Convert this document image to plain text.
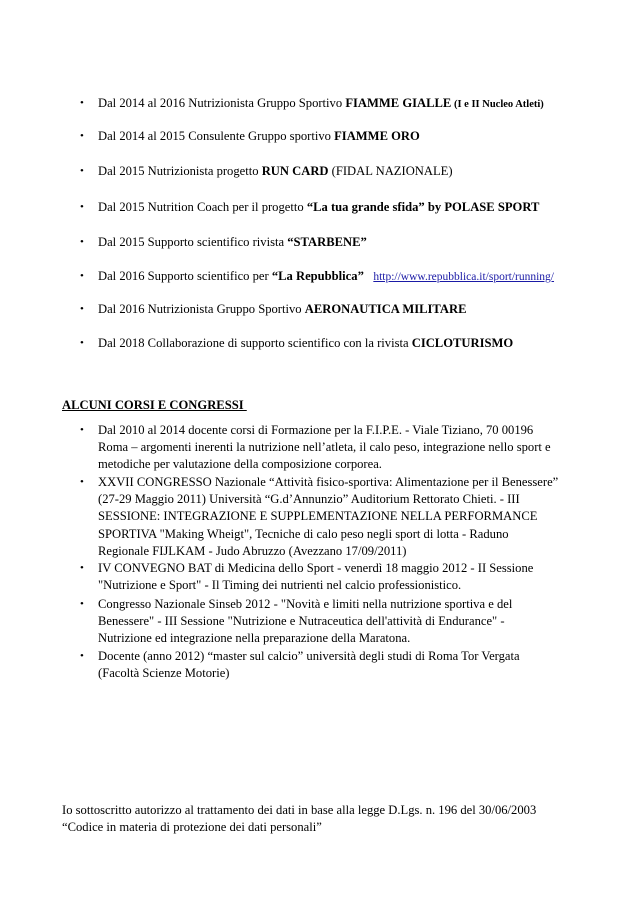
•	Dal 2014 al 2016 Nutrizionista Gruppo Sportivo FIAMME GIALLE (I e II Nucleo Atleti)
•	Dal 2014 al 2015 Consulente Gruppo sportivo FIAMME ORO
•	Dal 2015 Nutrizionista progetto RUN CARD (FIDAL NAZIONALE)
•	Dal 2015 Nutrition Coach per il progetto “La tua grande sfida” by POLASE SPORT
•	Dal 2015 Supporto scientifico rivista “STARBENE”
•	Dal 2016 Supporto scientifico per “La Repubblica” http://www.repubblica.it/sport/running/
•	Dal 2016 Nutrizionista Gruppo Sportivo AERONAUTICA MILITARE
•	Dal 2018 Collaborazione di supporto scientifico con la rivista CICLOTURISMO
ALCUNI CORSI E CONGRESSI
•	Dal 2010 al 2014 docente corsi di Formazione per la F.I.P.E. - Viale Tiziano, 70 00196 Roma – argomenti inerenti la nutrizione nell’atleta, il calo peso, integrazione nello sport e metodiche per valutazione della composizione corporea.
•	XXVII CONGRESSO Nazionale “Attività fisico-sportiva: Alimentazione per il Benessere” (27-29 Maggio 2011) Università “G.d’Annunzio” Auditorium Rettorato Chieti. - III SESSIONE: INTEGRAZIONE E SUPPLEMENTAZIONE NELLA PERFORMANCE SPORTIVA "Making Wheigt", Tecniche di calo peso negli sport di lotta - Raduno Regionale FIJLKAM - Judo Abruzzo (Avezzano 17/09/2011)
•	IV CONVEGNO BAT di Medicina dello Sport - venerdì 18 maggio 2012 - II Sessione "Nutrizione e Sport" - Il Timing dei nutrienti nel calcio professionistico.
•	Congresso Nazionale Sinseb 2012 - "Novità e limiti nella nutrizione sportiva e del Benessere" - III Sessione "Nutrizione e Nutraceutica dell'attività di Endurance" - Nutrizione ed integrazione nella preparazione della Maratona.
•	Docente (anno 2012) “master sul calcio” università degli studi di Roma Tor Vergata (Facoltà Scienze Motorie)
Io sottoscritto autorizzo al trattamento dei dati in base alla legge D.Lgs. n. 196 del 30/06/2003
“Codice in materia di protezione dei dati personali”
